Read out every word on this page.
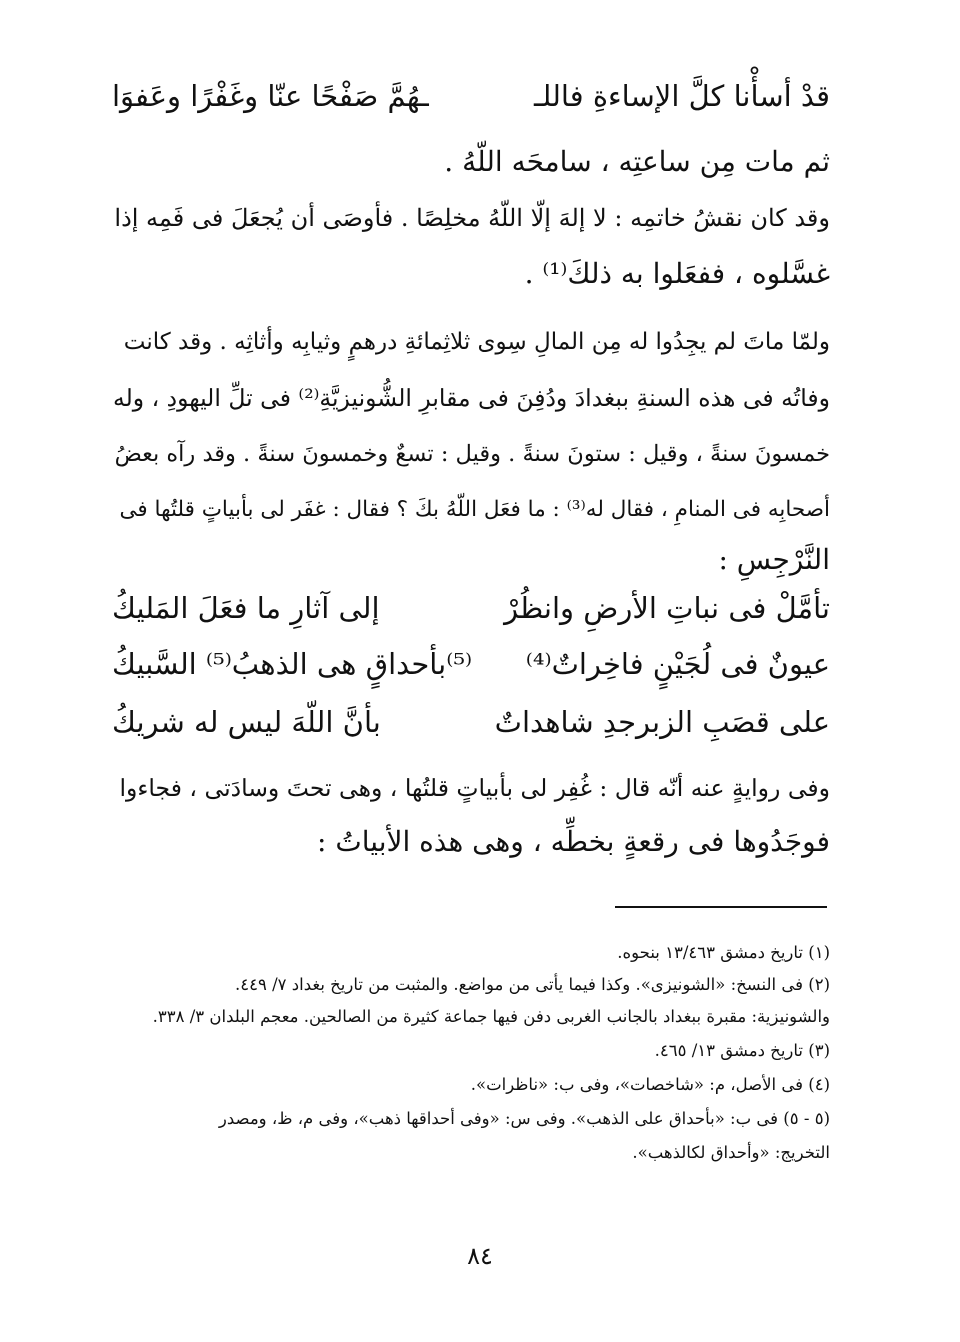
قدْ أسأْنا كلَّ الإساءةِ فاللـ
ـهُمَّ صَفْحًا عنّا وغَفْرًا وعَفوَا
ثم مات مِن ساعتِه ، سامحَه اللّهُ .
وقد كان نقشُ خاتمِه : لا إلهَ إلّا اللّهُ مخلِصًا . فأوصَى أن يُجعَلَ فى فَمِه إذا
غسَّلوه ، ففعَلوا به ذلكَ⁽¹⁾ .
ولمّا ماتَ لم يجِدُوا له مِن المالِ سِوى ثلاثِمائةِ درهمٍ وثيابِه وأثاثِه . وقد كانت
وفاتُه فى هذه السنةِ ببغدادَ ودُفِنَ فى مقابرِ الشُّونيزيَّةِ⁽²⁾ فى تلِّ اليهودِ ، وله
خمسونَ سنةً ، وقيل : ستونَ سنةً . وقيل : تسعٌ وخمسونَ سنةً . وقد رآه بعضُ
أصحابِه فى المنامِ ، فقال له⁽³⁾ : ما فعَل اللّهُ بكَ ؟ فقال : غفَر لى بأبياتٍ قلتُها فى
النَّرْجِسِ :
تأمَّلْ فى نباتِ الأرضِ وانظُرْ
إلى آثارِ ما فعَلَ المَليكُ
عيونٌ فى لُجَيْنٍ فاخِراتٌ⁽⁴⁾
⁽⁵⁾بأحداقٍ هى الذهبُ⁽⁵⁾ السَّبيكُ
على قصَبِ الزبرجدِ شاهداتٌ
بأنَّ اللّهَ ليس له شريكُ
وفى روايةٍ عنه أنّه قال : غُفِر لى بأبياتٍ قلتُها ، وهى تحتَ وسادَتى ، فجاءوا
فوجَدُوها فى رقعةٍ بخطِّه ، وهى هذه الأبياتُ :
(١) تاريخ دمشق ١٣/٤٦٣ بنحوه.
(٢) فى النسخ: «الشونيزى». وكذا فيما يأتى من مواضع. والمثبت من تاريخ بغداد ٧/ ٤٤٩.
والشونيزية: مقبرة ببغداد بالجانب الغربى دفن فيها جماعة كثيرة من الصالحين. معجم البلدان ٣/ ٣٣٨.
(٣) تاريخ دمشق ١٣/ ٤٦٥.
(٤) فى الأصل، م: «شاخصات»، وفى ب: «ناظرات».
(٥ - ٥) فى ب: «بأحداق على الذهب». وفى س: «وفى أحداقها ذهب»، وفى م، ظ، ومصدر
التخريج: «وأحداق لكالذهب».
٨٤
